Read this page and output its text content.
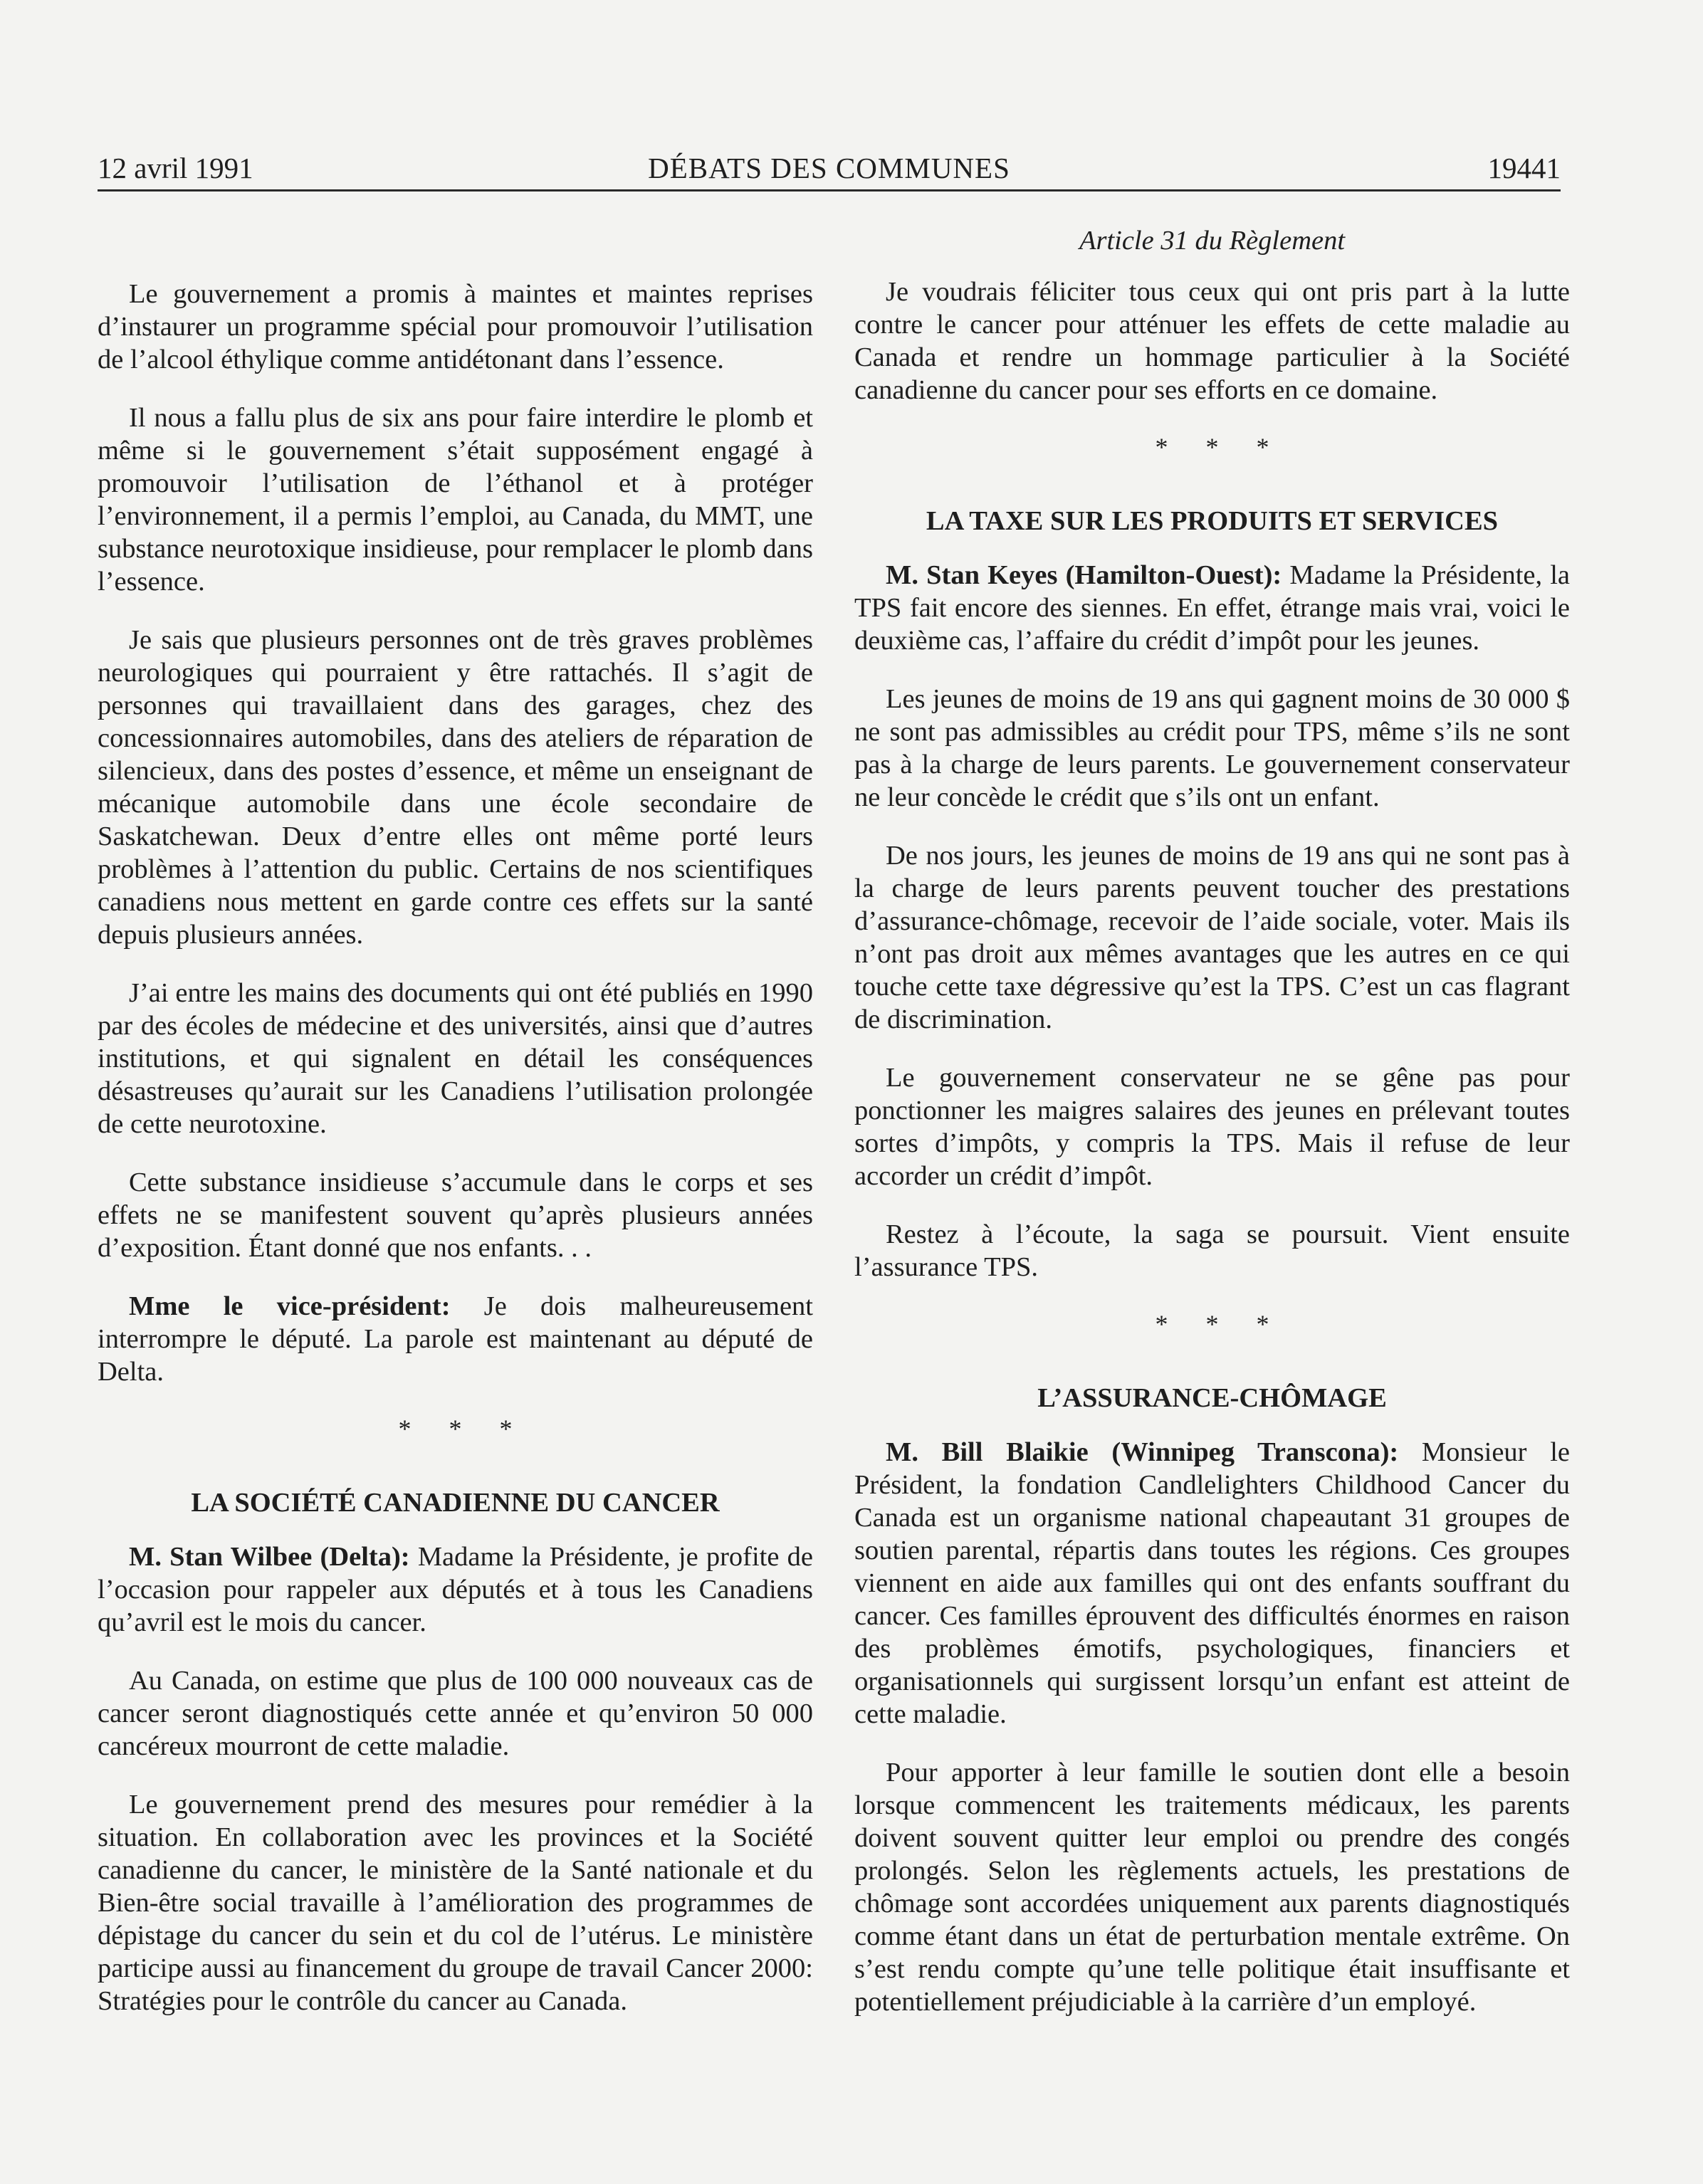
12 avril 1991	DÉBATS DES COMMUNES	19441

Le gouvernement a promis à maintes et maintes reprises d’instaurer un programme spécial pour promouvoir l’utilisation de l’alcool éthylique comme antidétonant dans l’essence.

Il nous a fallu plus de six ans pour faire interdire le plomb et même si le gouvernement s’était supposément engagé à promouvoir l’utilisation de l’éthanol et à protéger l’environnement, il a permis l’emploi, au Canada, du MMT, une substance neurotoxique insidieuse, pour remplacer le plomb dans l’essence.

Je sais que plusieurs personnes ont de très graves problèmes neurologiques qui pourraient y être rattachés. Il s’agit de personnes qui travaillaient dans des garages, chez des concessionnaires automobiles, dans des ateliers de réparation de silencieux, dans des postes d’essence, et même un enseignant de mécanique automobile dans une école secondaire de Saskatchewan. Deux d’entre elles ont même porté leurs problèmes à l’attention du public. Certains de nos scientifiques canadiens nous mettent en garde contre ces effets sur la santé depuis plusieurs années.

J’ai entre les mains des documents qui ont été publiés en 1990 par des écoles de médecine et des universités, ainsi que d’autres institutions, et qui signalent en détail les conséquences désastreuses qu’aurait sur les Canadiens l’utilisation prolongée de cette neurotoxine.

Cette substance insidieuse s’accumule dans le corps et ses effets ne se manifestent souvent qu’après plusieurs années d’exposition. Étant donné que nos enfants. . .

Mme le vice-président: Je dois malheureusement interrompre le député. La parole est maintenant au député de Delta.

* * *
LA SOCIÉTÉ CANADIENNE DU CANCER

M. Stan Wilbee (Delta): Madame la Présidente, je profite de l’occasion pour rappeler aux députés et à tous les Canadiens qu’avril est le mois du cancer.

Au Canada, on estime que plus de 100 000 nouveaux cas de cancer seront diagnostiqués cette année et qu’environ 50 000 cancéreux mourront de cette maladie.

Le gouvernement prend des mesures pour remédier à la situation. En collaboration avec les provinces et la Société canadienne du cancer, le ministère de la Santé nationale et du Bien-être social travaille à l’amélioration des programmes de dépistage du cancer du sein et du col de l’utérus. Le ministère participe aussi au financement du groupe de travail Cancer 2000: Stratégies pour le contrôle du cancer au Canada.

Article 31 du Règlement

Je voudrais féliciter tous ceux qui ont pris part à la lutte contre le cancer pour atténuer les effets de cette maladie au Canada et rendre un hommage particulier à la Société canadienne du cancer pour ses efforts en ce domaine.

* * *
LA TAXE SUR LES PRODUITS ET SERVICES

M. Stan Keyes (Hamilton-Ouest): Madame la Présidente, la TPS fait encore des siennes. En effet, étrange mais vrai, voici le deuxième cas, l’affaire du crédit d’impôt pour les jeunes.

Les jeunes de moins de 19 ans qui gagnent moins de 30 000 $ ne sont pas admissibles au crédit pour TPS, même s’ils ne sont pas à la charge de leurs parents. Le gouvernement conservateur ne leur concède le crédit que s’ils ont un enfant.

De nos jours, les jeunes de moins de 19 ans qui ne sont pas à la charge de leurs parents peuvent toucher des prestations d’assurance-chômage, recevoir de l’aide sociale, voter. Mais ils n’ont pas droit aux mêmes avantages que les autres en ce qui touche cette taxe dégressive qu’est la TPS. C’est un cas flagrant de discrimination.

Le gouvernement conservateur ne se gêne pas pour ponctionner les maigres salaires des jeunes en prélevant toutes sortes d’impôts, y compris la TPS. Mais il refuse de leur accorder un crédit d’impôt.

Restez à l’écoute, la saga se poursuit. Vient ensuite l’assurance TPS.

* * *
L’ASSURANCE-CHÔMAGE

M. Bill Blaikie (Winnipeg Transcona): Monsieur le Président, la fondation Candlelighters Childhood Cancer du Canada est un organisme national chapeautant 31 groupes de soutien parental, répartis dans toutes les régions. Ces groupes viennent en aide aux familles qui ont des enfants souffrant du cancer. Ces familles éprouvent des difficultés énormes en raison des problèmes émotifs, psychologiques, financiers et organisationnels qui surgissent lorsqu’un enfant est atteint de cette maladie.

Pour apporter à leur famille le soutien dont elle a besoin lorsque commencent les traitements médicaux, les parents doivent souvent quitter leur emploi ou prendre des congés prolongés. Selon les règlements actuels, les prestations de chômage sont accordées uniquement aux parents diagnostiqués comme étant dans un état de perturbation mentale extrême. On s’est rendu compte qu’une telle politique était insuffisante et potentiellement préjudiciable à la carrière d’un employé.
